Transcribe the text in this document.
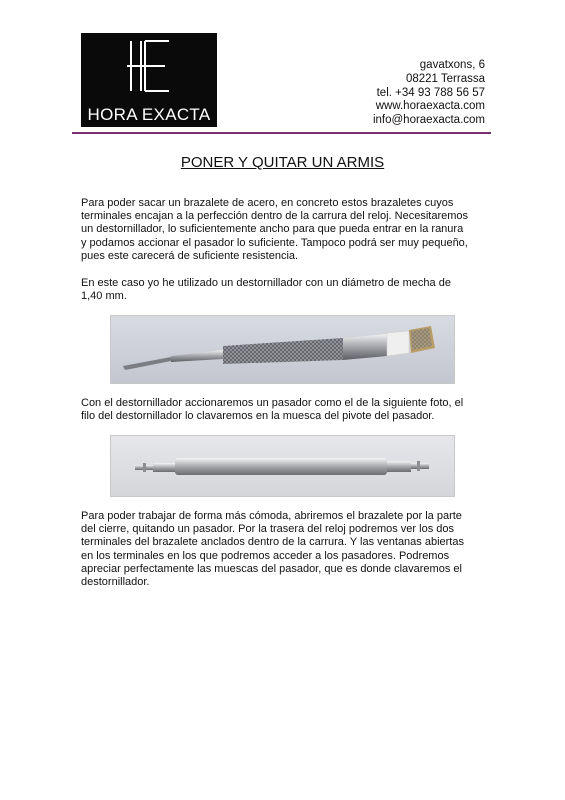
HORA EXACTA
gavatxons, 6
08221 Terrassa
tel. +34 93 788 56 57
www.horaexacta.com
info@horaexacta.com
PONER Y QUITAR UN ARMIS
Para poder sacar un brazalete de acero, en concreto estos brazaletes cuyos
terminales encajan a la perfección dentro de la carrura del reloj. Necesitaremos
un destornillador, lo suficientemente ancho para que pueda entrar en la ranura
y podamos accionar el pasador lo suficiente. Tampoco podrá ser muy pequeño,
pues este carecerá de suficiente resistencia.
En este caso yo he utilizado un destornillador con un diámetro de mecha de
1,40 mm.
Con el destornillador accionaremos un pasador como el de la siguiente foto, el
filo del destornillador lo clavaremos en la muesca del pivote del pasador.
Para poder trabajar de forma más cómoda, abriremos el brazalete por la parte
del cierre, quitando un pasador. Por la trasera del reloj podremos ver los dos
terminales del brazalete anclados dentro de la carrura. Y las ventanas abiertas
en los terminales en los que podremos acceder a los pasadores. Podremos
apreciar perfectamente las muescas del pasador, que es donde clavaremos el
destornillador.
